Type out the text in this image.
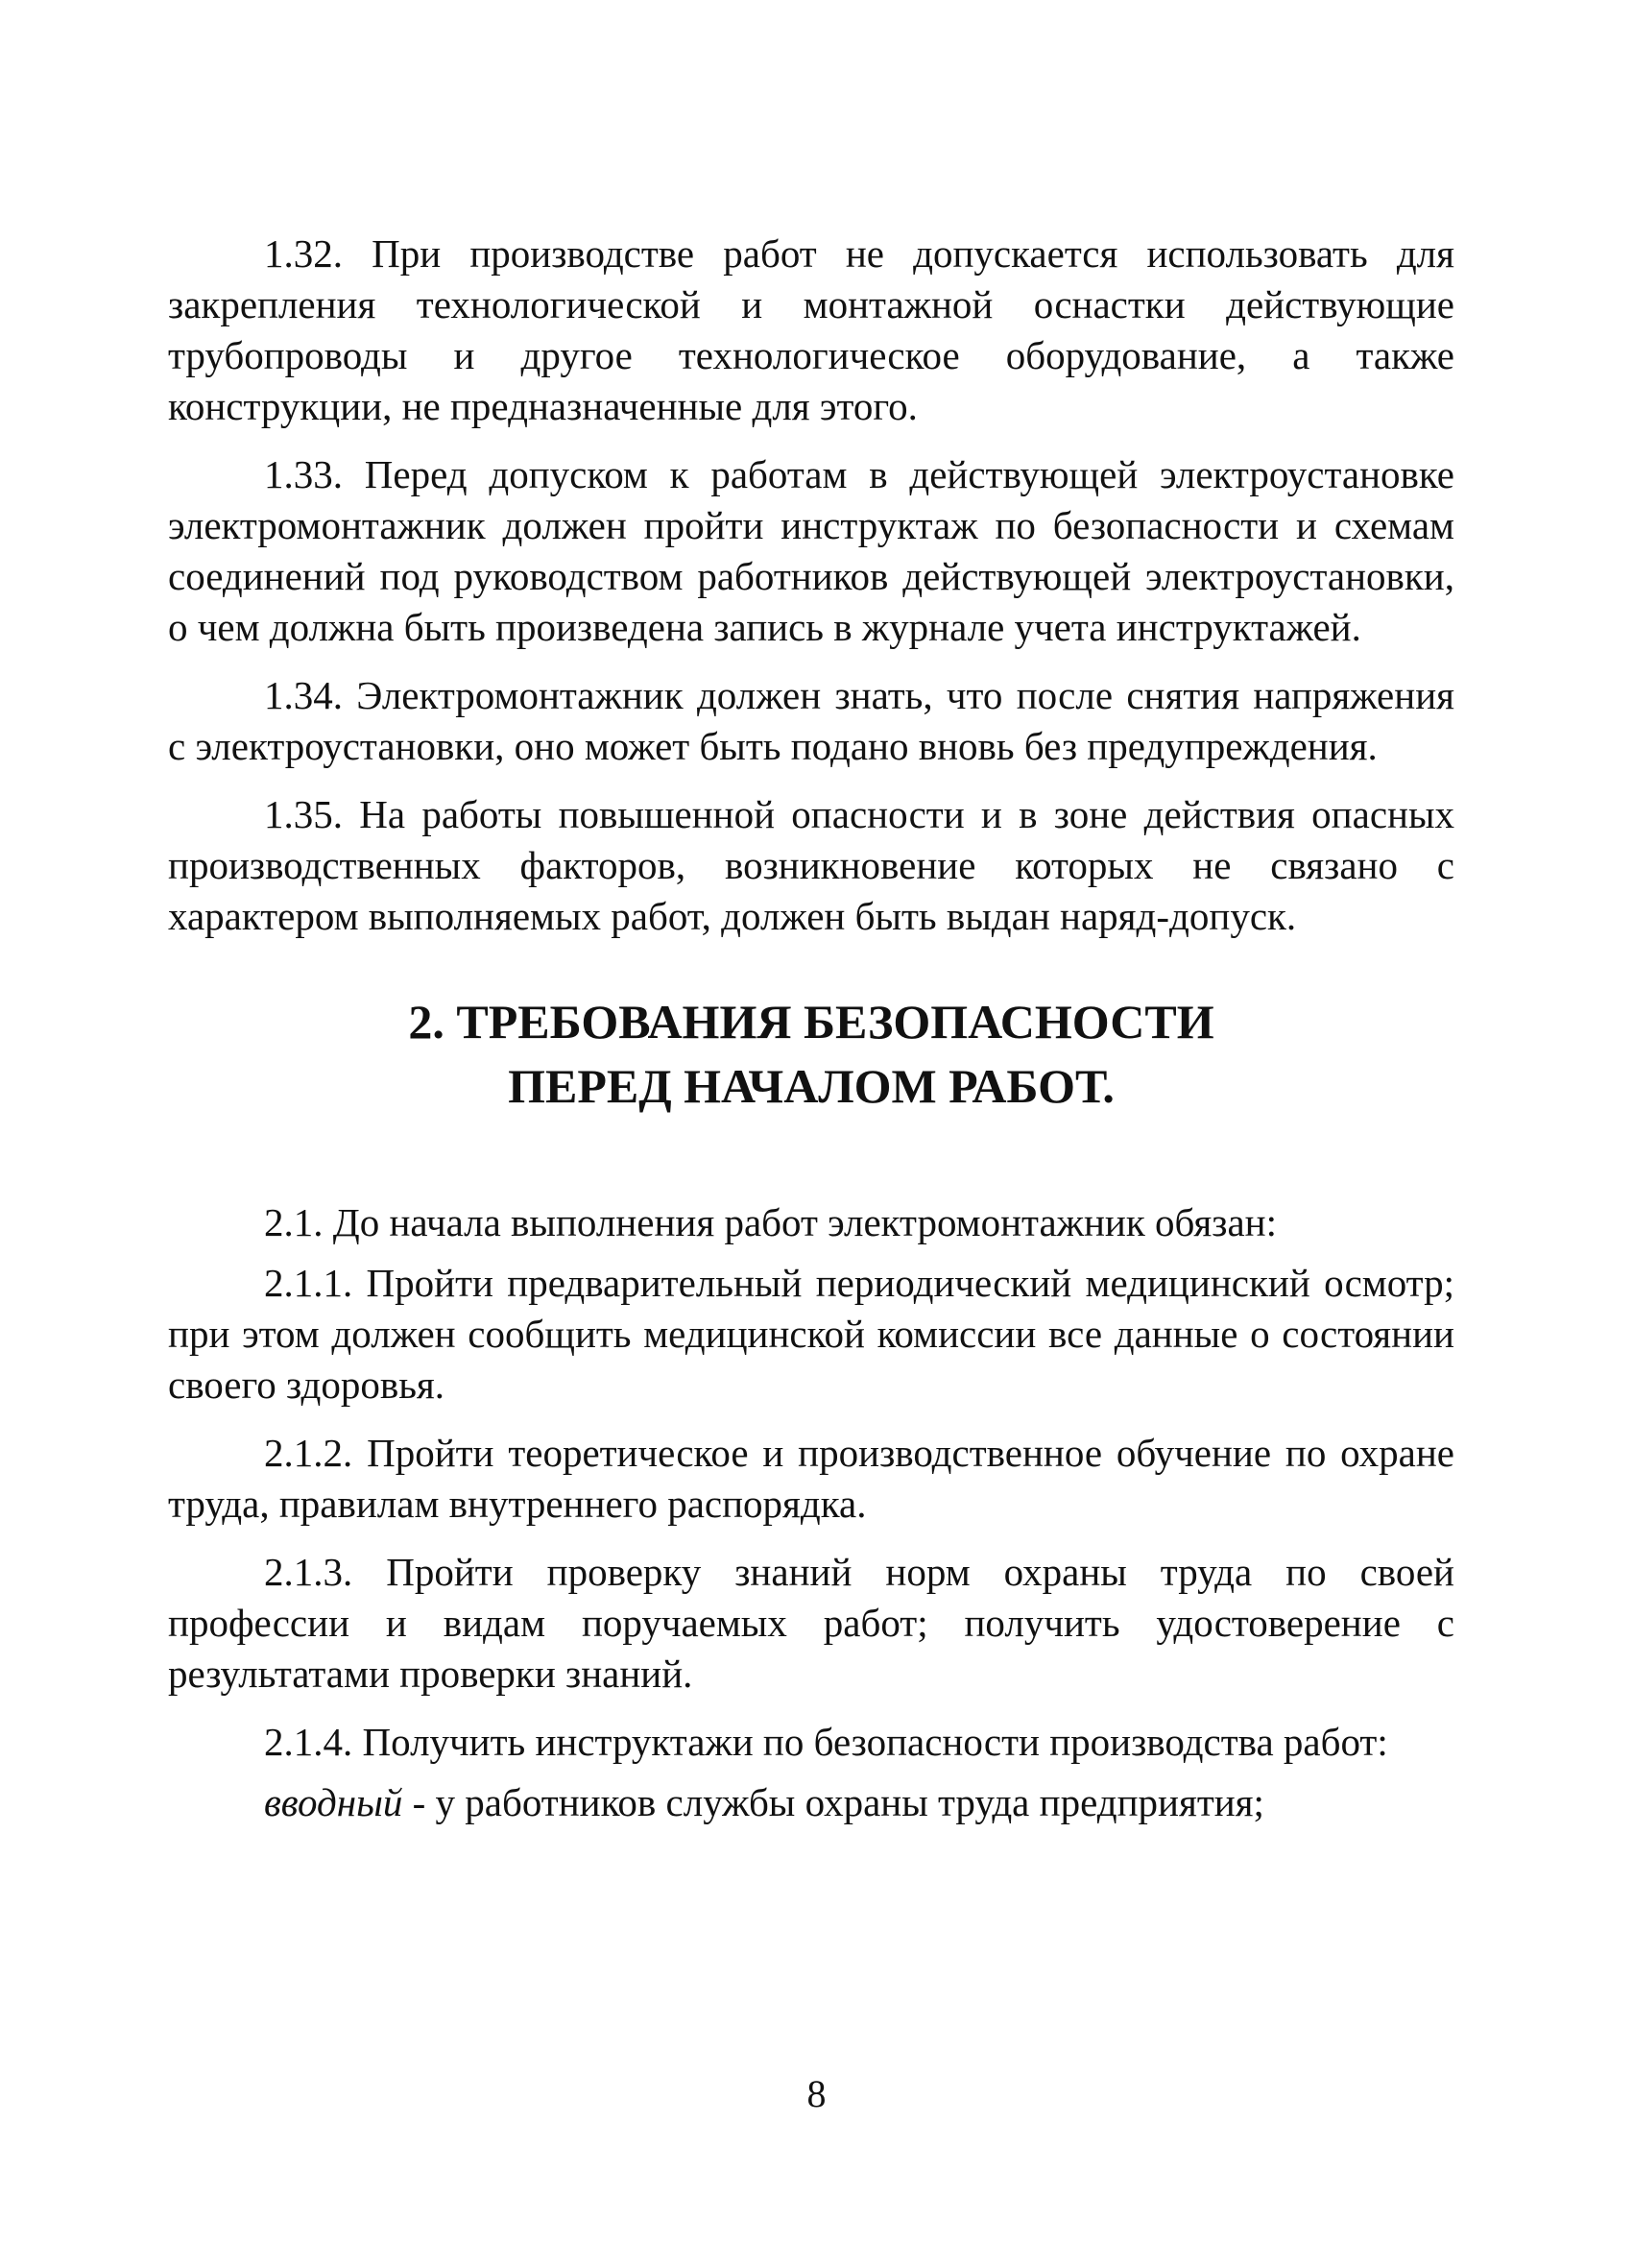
1.32. При производстве работ не допускается использовать для закрепления технологической и монтажной оснастки действующие трубопроводы и другое технологическое оборудование, а также конструкции, не предназначенные для этого.

1.33. Перед допуском к работам в действующей электроустановке электромонтажник должен пройти инструктаж по безопасности и схемам соединений под руководством работников действующей электроустановки, о чем должна быть произведена запись в журнале учета инструктажей.

1.34. Электромонтажник должен знать, что после снятия напряжения с электроустановки, оно может быть подано вновь без предупреждения.

1.35. На работы повышенной опасности и в зоне действия опасных производственных факторов, возникновение которых не связано с характером выполняемых работ, должен быть выдан наряд-допуск.

2. ТРЕБОВАНИЯ БЕЗОПАСНОСТИ
ПЕРЕД НАЧАЛОМ РАБОТ.

2.1. До начала выполнения работ электромонтажник обязан:

2.1.1. Пройти предварительный периодический медицинский осмотр; при этом должен сообщить медицинской комиссии все данные о состоянии своего здоровья.

2.1.2. Пройти теоретическое и производственное обучение по охране труда, правилам внутреннего распорядка.

2.1.3. Пройти проверку знаний норм охраны труда по своей профессии и видам поручаемых работ; получить удостоверение с результатами проверки знаний.

2.1.4. Получить инструктажи по безопасности производства работ:

вводный - у работников службы охраны труда предприятия;

8
